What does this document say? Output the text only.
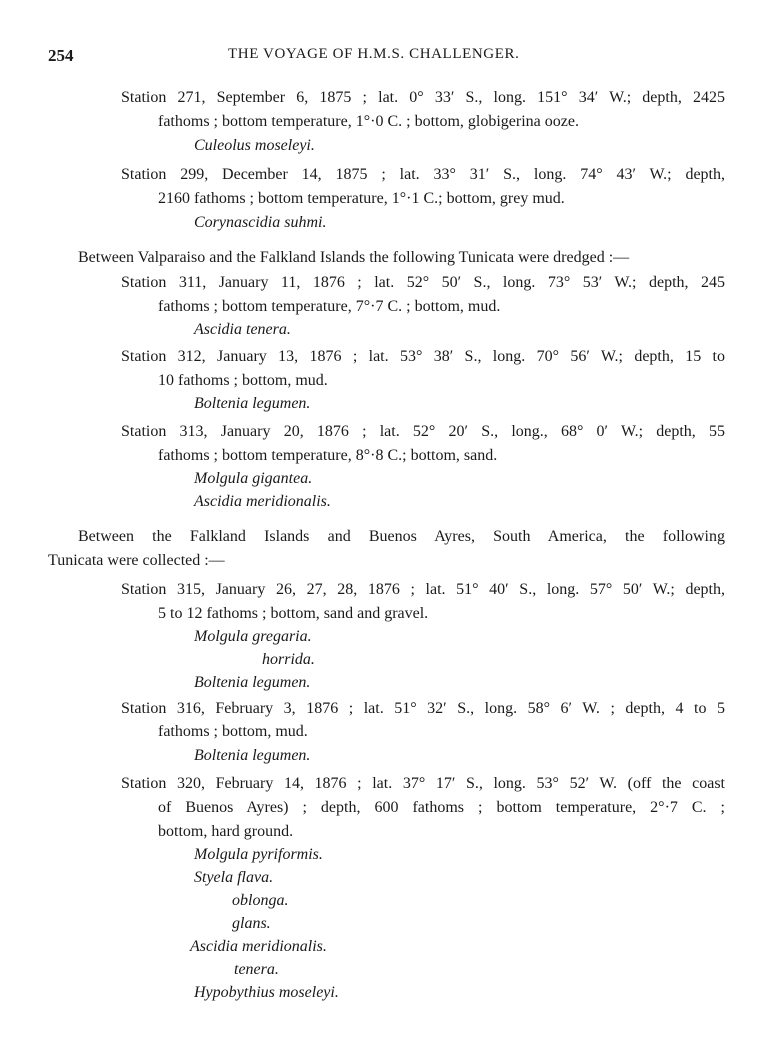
254	THE VOYAGE OF H.M.S. CHALLENGER.
Station 271, September 6, 1875 ; lat. 0° 33′ S., long. 151° 34′ W.; depth, 2425
fathoms ; bottom temperature, 1°·0 C. ; bottom, globigerina ooze.
Culeolus moseleyi.
Station 299, December 14, 1875 ; lat. 33° 31′ S., long. 74° 43′ W.; depth,
2160 fathoms ; bottom temperature, 1°·1 C.; bottom, grey mud.
Corynascidia suhmi.
Between Valparaiso and the Falkland Islands the following Tunicata were dredged :—
Station 311, January 11, 1876 ; lat. 52° 50′ S., long. 73° 53′ W.; depth, 245
fathoms ; bottom temperature, 7°·7 C. ; bottom, mud.
Ascidia tenera.
Station 312, January 13, 1876 ; lat. 53° 38′ S., long. 70° 56′ W.; depth, 15 to
10 fathoms ; bottom, mud.
Boltenia legumen.
Station 313, January 20, 1876 ; lat. 52° 20′ S., long., 68° 0′ W.; depth, 55
fathoms ; bottom temperature, 8°·8 C.; bottom, sand.
Molgula gigantea.
Ascidia meridionalis.
Between the Falkland Islands and Buenos Ayres, South America, the following
Tunicata were collected :—
Station 315, January 26, 27, 28, 1876 ; lat. 51° 40′ S., long. 57° 50′ W.; depth,
5 to 12 fathoms ; bottom, sand and gravel.
Molgula gregaria.
horrida.
Boltenia legumen.
Station 316, February 3, 1876 ; lat. 51° 32′ S., long. 58° 6′ W. ; depth, 4 to 5
fathoms ; bottom, mud.
Boltenia legumen.
Station 320, February 14, 1876 ; lat. 37° 17′ S., long. 53° 52′ W. (off the coast
of Buenos Ayres) ; depth, 600 fathoms ; bottom temperature, 2°·7 C. ;
bottom, hard ground.
Molgula pyriformis.
Styela flava.
oblonga.
glans.
Ascidia meridionalis.
tenera.
Hypobythius moseleyi.
